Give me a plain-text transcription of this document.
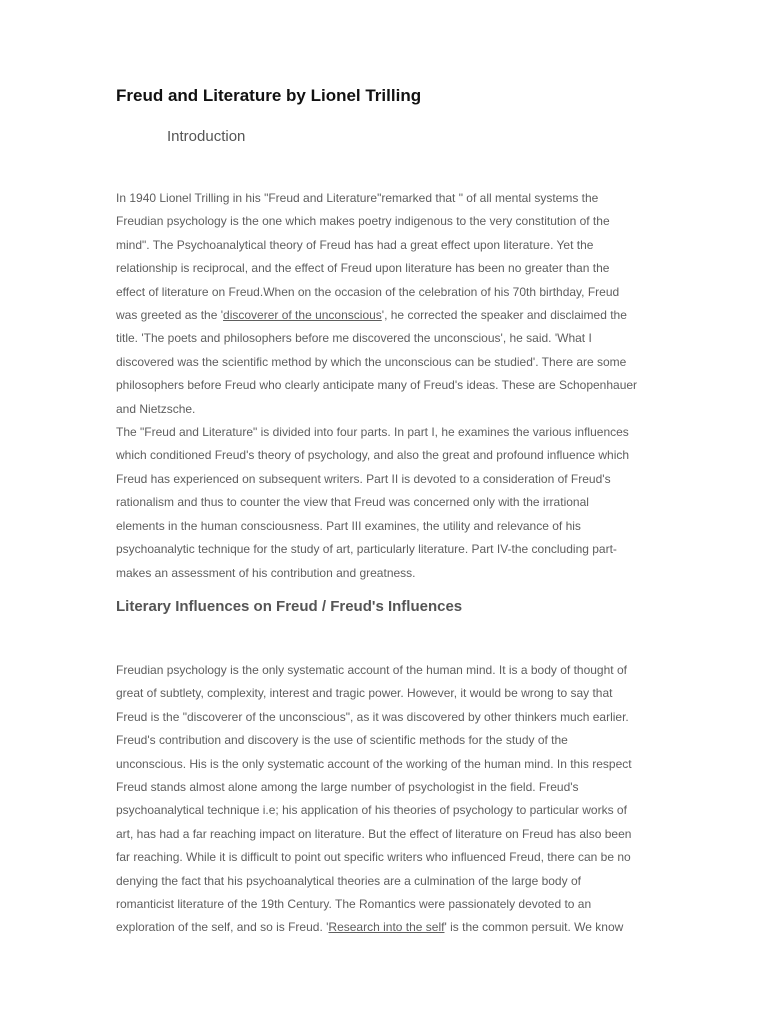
Freud and Literature by Lionel Trilling
Introduction
In 1940 Lionel Trilling in his "Freud and Literature"remarked that " of all mental systems the
Freudian psychology is the one which makes poetry indigenous to the very constitution of the
mind". The Psychoanalytical theory of Freud has had a great effect upon literature. Yet the
relationship is reciprocal, and the effect of Freud upon literature has been no greater than the
effect of literature on Freud.When on the occasion of the celebration of his 70th birthday, Freud
was greeted as the 'discoverer of the unconscious', he corrected the speaker and disclaimed the
title. 'The poets and philosophers before me discovered the unconscious', he said. 'What I
discovered was the scientific method by which the unconscious can be studied'. There are some
philosophers before Freud who clearly anticipate many of Freud's ideas. These are Schopenhauer
and Nietzsche.
The "Freud and Literature" is divided into four parts. In part I, he examines the various influences
which conditioned Freud's theory of psychology, and also the great and profound influence which
Freud has experienced on subsequent writers. Part II is devoted to a consideration of Freud's
rationalism and thus to counter the view that Freud was concerned only with the irrational
elements in the human consciousness. Part III examines, the utility and relevance of his
psychoanalytic technique for the study of art, particularly literature. Part IV-the concluding part-
makes an assessment of his contribution and greatness.
Literary Influences on Freud / Freud's Influences
Freudian psychology is the only systematic account of the human mind. It is a body of thought of
great of subtlety, complexity, interest and tragic power. However, it would be wrong to say that
Freud is the "discoverer of the unconscious", as it was discovered by other thinkers much earlier.
Freud's contribution and discovery is the use of scientific methods for the study of the
unconscious. His is the only systematic account of the working of the human mind. In this respect
Freud stands almost alone among the large number of psychologist in the field. Freud's
psychoanalytical technique i.e; his application of his theories of psychology to particular works of
art, has had a far reaching impact on literature. But the effect of literature on Freud has also been
far reaching. While it is difficult to point out specific writers who influenced Freud, there can be no
denying the fact that his psychoanalytical theories are a culmination of the large body of
romanticist literature of the 19th Century. The Romantics were passionately devoted to an
exploration of the self, and so is Freud. 'Research into the self' is the common persuit. We know
